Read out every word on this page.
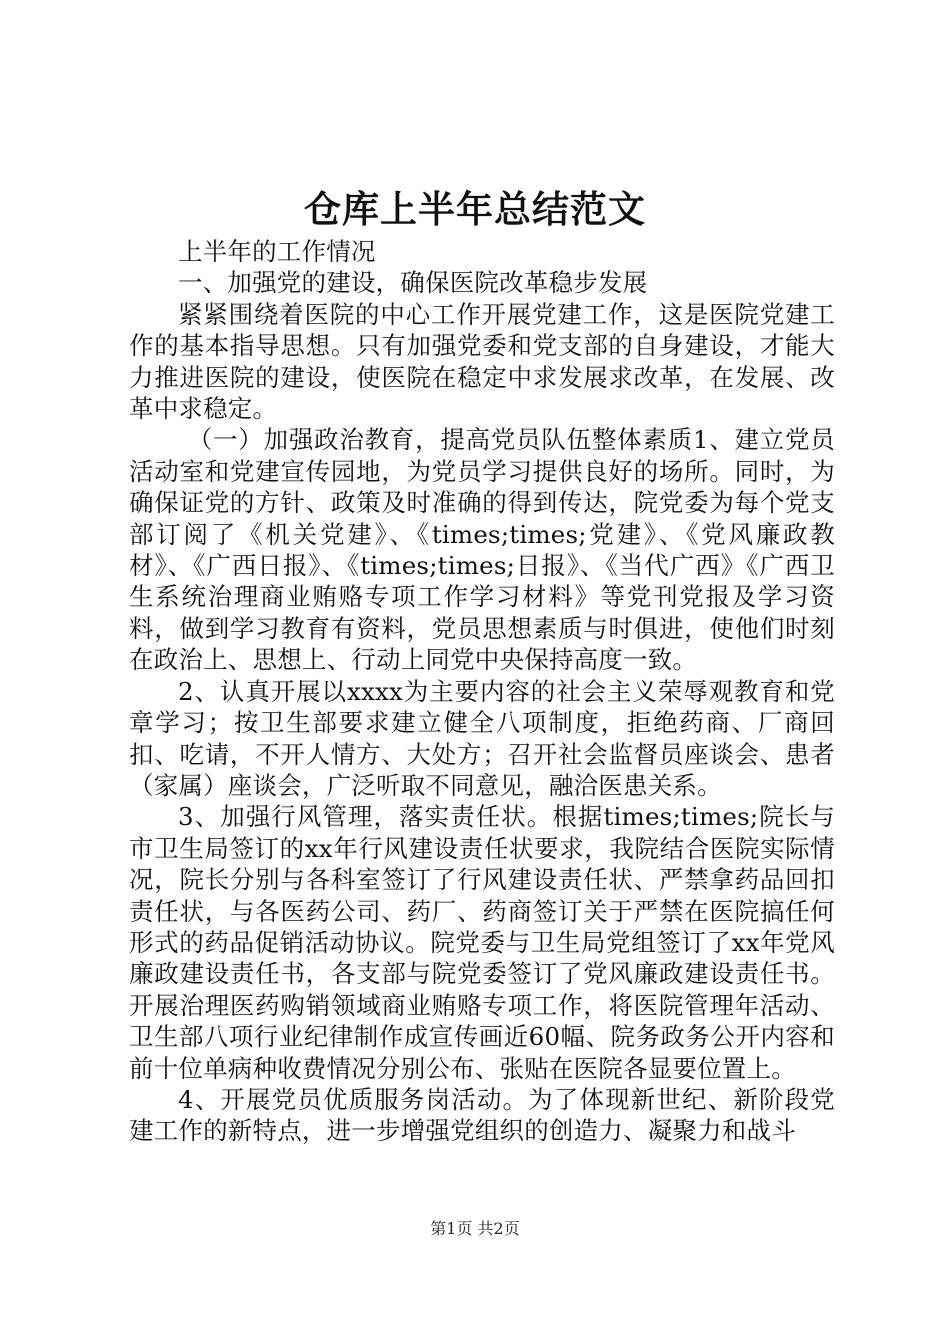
仓库上半年总结范文

上半年的工作情况

一、加强党的建设，确保医院改革稳步发展

紧紧围绕着医院的中心工作开展党建工作，这是医院党建工作的基本指导思想。只有加强党委和党支部的自身建设，才能大力推进医院的建设，使医院在稳定中求发展求改革，在发展、改革中求稳定。

（一）加强政治教育，提高党员队伍整体素质1、建立党员活动室和党建宣传园地，为党员学习提供良好的场所。同时，为确保证党的方针、政策及时准确的得到传达，院党委为每个党支部订阅了《机关党建》、《times;times;党建》、《党风廉政教材》、《广西日报》、《times;times;日报》、《当代广西》《广西卫生系统治理商业贿赂专项工作学习材料》等党刊党报及学习资料，做到学习教育有资料，党员思想素质与时俱进，使他们时刻在政治上、思想上、行动上同党中央保持高度一致。

2、认真开展以xxxx为主要内容的社会主义荣辱观教育和党章学习；按卫生部要求建立健全八项制度，拒绝药商、厂商回扣、吃请，不开人情方、大处方；召开社会监督员座谈会、患者（家属）座谈会，广泛听取不同意见，融洽医患关系。

3、加强行风管理，落实责任状。根据times;times;院长与市卫生局签订的xx年行风建设责任状要求，我院结合医院实际情况，院长分别与各科室签订了行风建设责任状、严禁拿药品回扣责任状，与各医药公司、药厂、药商签订关于严禁在医院搞任何形式的药品促销活动协议。院党委与卫生局党组签订了xx年党风廉政建设责任书，各支部与院党委签订了党风廉政建设责任书。开展治理医药购销领域商业贿赂专项工作，将医院管理年活动、卫生部八项行业纪律制作成宣传画近60幅、院务政务公开内容和前十位单病种收费情况分别公布、张贴在医院各显要位置上。

4、开展党员优质服务岗活动。为了体现新世纪、新阶段党建工作的新特点，进一步增强党组织的创造力、凝聚力和战斗

第1页 共2页
